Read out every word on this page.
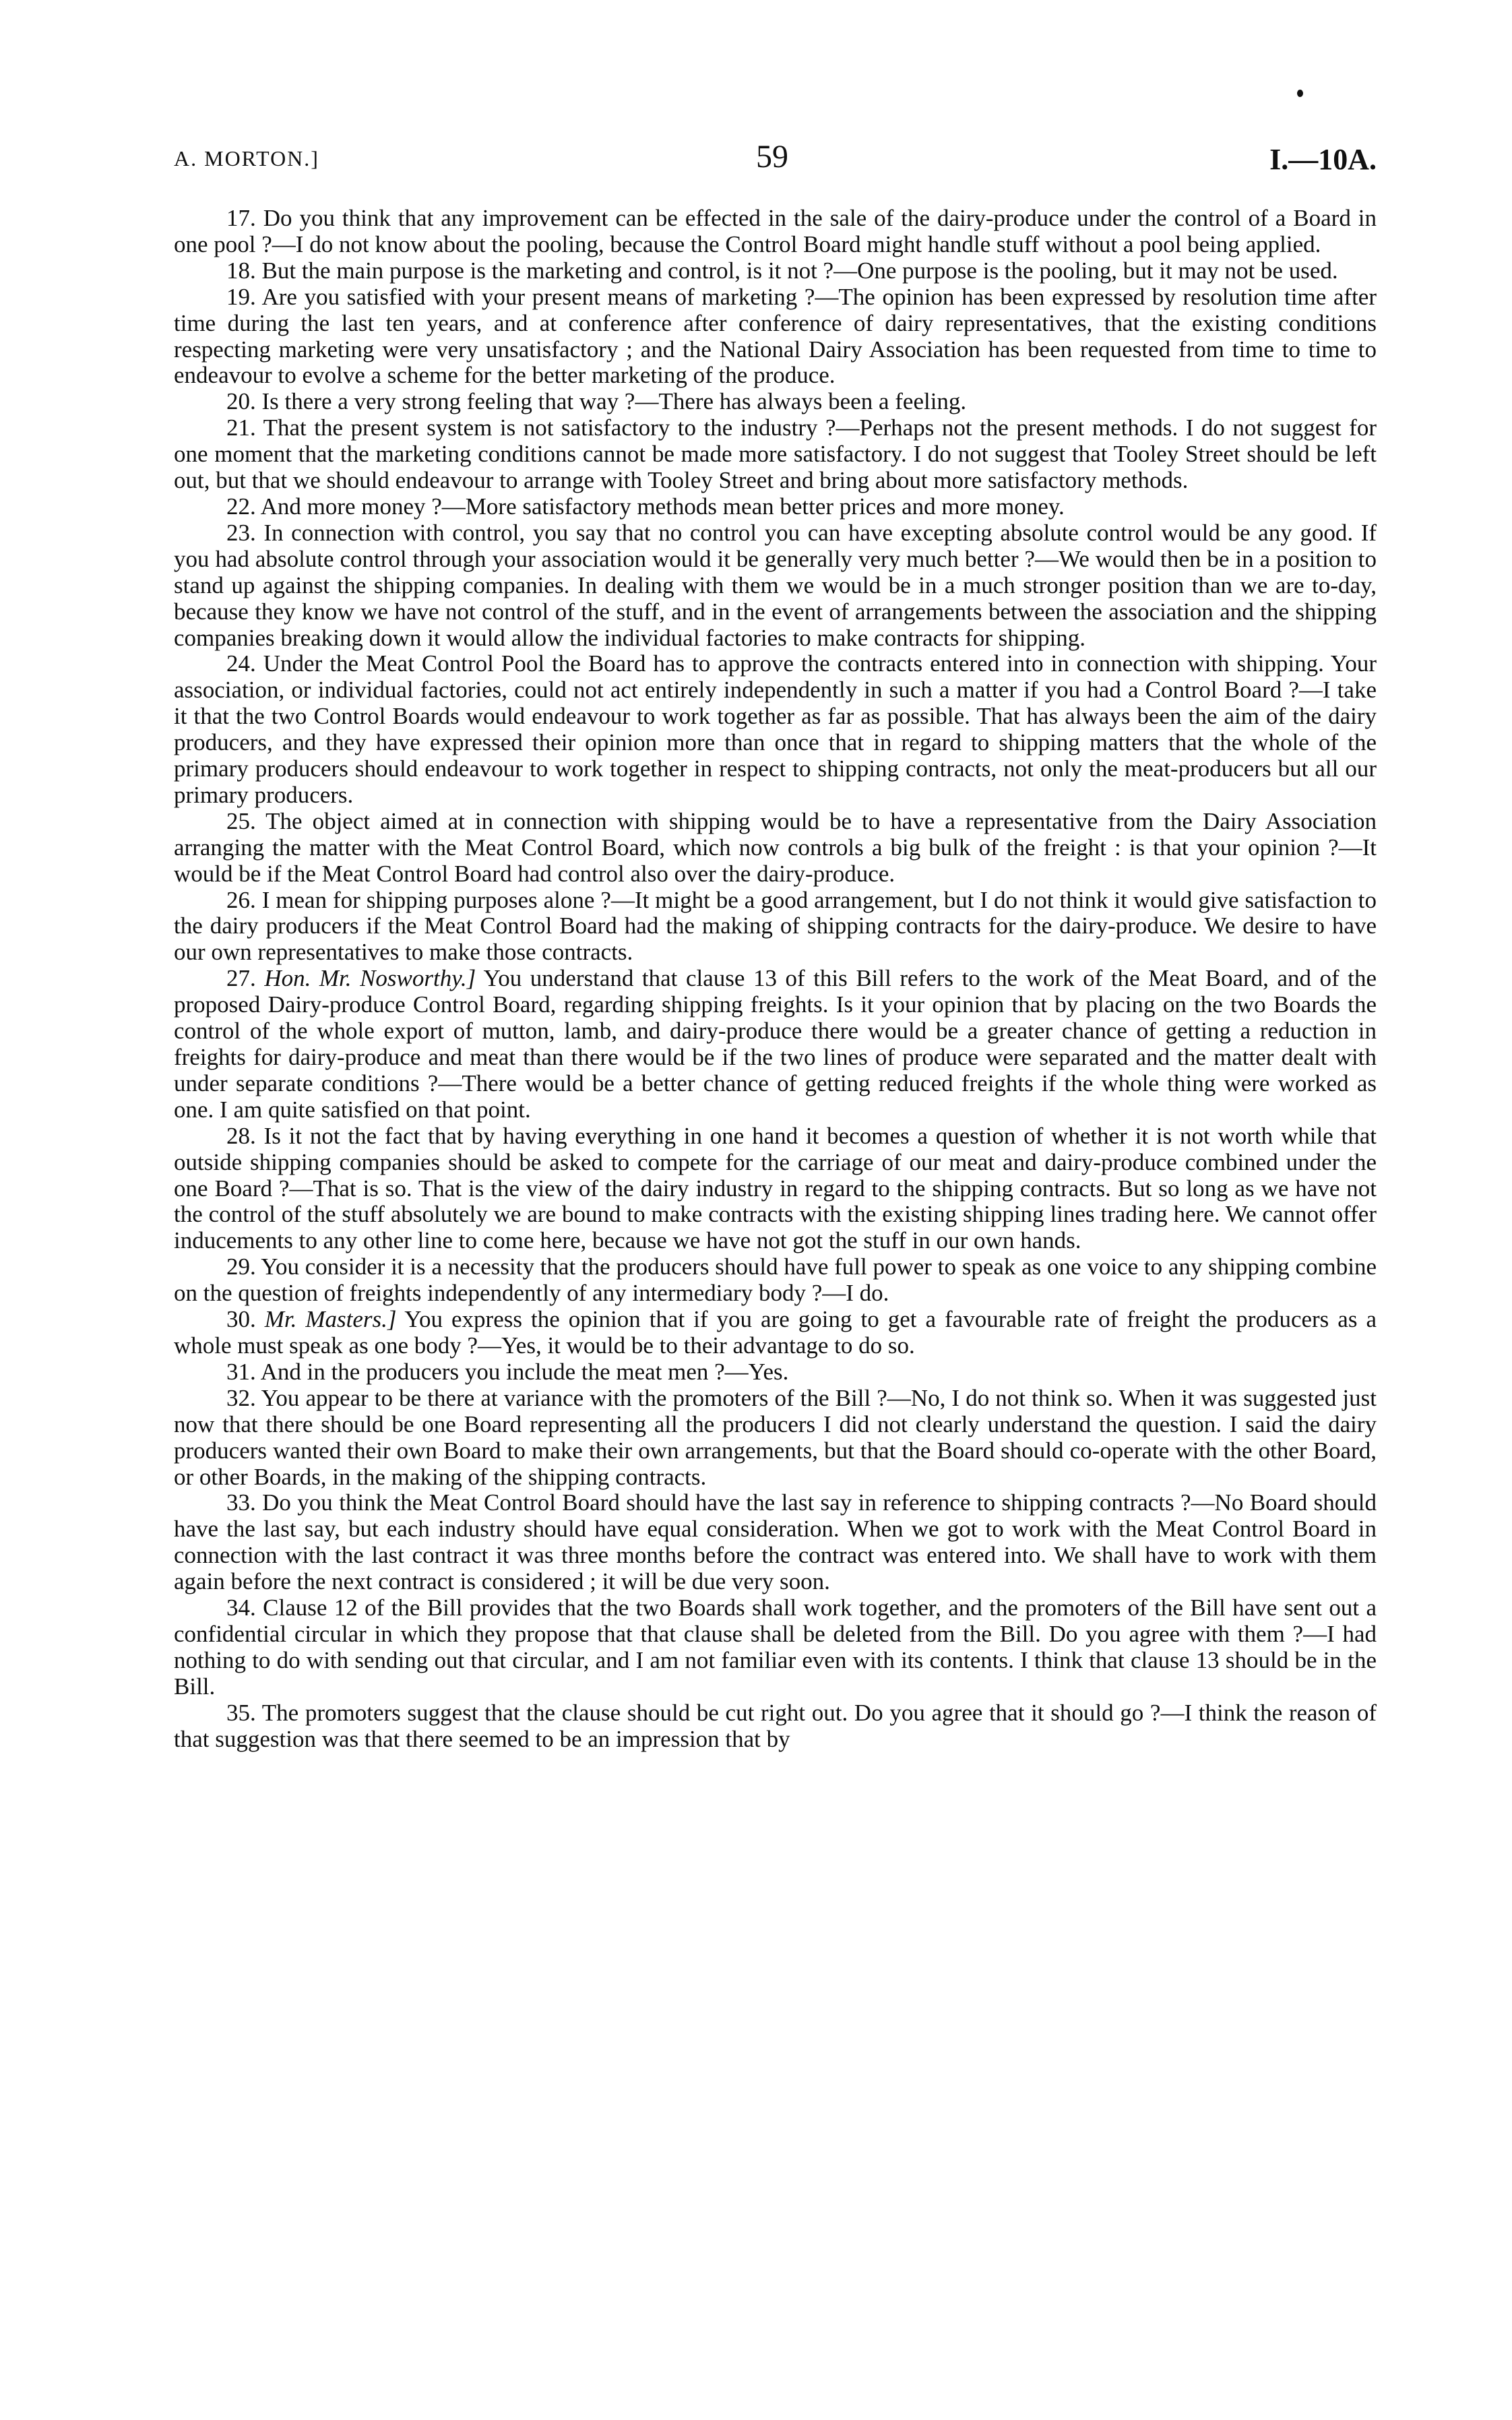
A. MORTON.]	59	I.—10A.

17. Do you think that any improvement can be effected in the sale of the dairy-produce under the control of a Board in one pool ?—I do not know about the pooling, because the Control Board might handle stuff without a pool being applied.

18. But the main purpose is the marketing and control, is it not ?—One purpose is the pooling, but it may not be used.

19. Are you satisfied with your present means of marketing ?—The opinion has been expressed by resolution time after time during the last ten years, and at conference after conference of dairy representatives, that the existing conditions respecting marketing were very unsatisfactory ; and the National Dairy Association has been requested from time to time to endeavour to evolve a scheme for the better marketing of the produce.

20. Is there a very strong feeling that way ?—There has always been a feeling.

21. That the present system is not satisfactory to the industry ?—Perhaps not the present methods. I do not suggest for one moment that the marketing conditions cannot be made more satisfactory. I do not suggest that Tooley Street should be left out, but that we should endeavour to arrange with Tooley Street and bring about more satisfactory methods.

22. And more money ?—More satisfactory methods mean better prices and more money.

23. In connection with control, you say that no control you can have excepting absolute control would be any good. If you had absolute control through your association would it be generally very much better ?—We would then be in a position to stand up against the shipping companies. In dealing with them we would be in a much stronger position than we are to-day, because they know we have not control of the stuff, and in the event of arrangements between the association and the shipping companies breaking down it would allow the individual factories to make contracts for shipping.

24. Under the Meat Control Pool the Board has to approve the contracts entered into in connection with shipping. Your association, or individual factories, could not act entirely independently in such a matter if you had a Control Board ?—I take it that the two Control Boards would endeavour to work together as far as possible. That has always been the aim of the dairy producers, and they have expressed their opinion more than once that in regard to shipping matters that the whole of the primary producers should endeavour to work together in respect to shipping contracts, not only the meat-producers but all our primary producers.

25. The object aimed at in connection with shipping would be to have a representative from the Dairy Association arranging the matter with the Meat Control Board, which now controls a big bulk of the freight : is that your opinion ?—It would be if the Meat Control Board had control also over the dairy-produce.

26. I mean for shipping purposes alone ?—It might be a good arrangement, but I do not think it would give satisfaction to the dairy producers if the Meat Control Board had the making of shipping contracts for the dairy-produce. We desire to have our own representatives to make those contracts.

27. Hon. Mr. Nosworthy.] You understand that clause 13 of this Bill refers to the work of the Meat Board, and of the proposed Dairy-produce Control Board, regarding shipping freights. Is it your opinion that by placing on the two Boards the control of the whole export of mutton, lamb, and dairy-produce there would be a greater chance of getting a reduction in freights for dairy-produce and meat than there would be if the two lines of produce were separated and the matter dealt with under separate conditions ?—There would be a better chance of getting reduced freights if the whole thing were worked as one. I am quite satisfied on that point.

28. Is it not the fact that by having everything in one hand it becomes a question of whether it is not worth while that outside shipping companies should be asked to compete for the carriage of our meat and dairy-produce combined under the one Board ?—That is so. That is the view of the dairy industry in regard to the shipping contracts. But so long as we have not the control of the stuff absolutely we are bound to make contracts with the existing shipping lines trading here. We cannot offer inducements to any other line to come here, because we have not got the stuff in our own hands.

29. You consider it is a necessity that the producers should have full power to speak as one voice to any shipping combine on the question of freights independently of any intermediary body ?—I do.

30. Mr. Masters.] You express the opinion that if you are going to get a favourable rate of freight the producers as a whole must speak as one body ?—Yes, it would be to their advantage to do so.

31. And in the producers you include the meat men ?—Yes.

32. You appear to be there at variance with the promoters of the Bill ?—No, I do not think so. When it was suggested just now that there should be one Board representing all the producers I did not clearly understand the question. I said the dairy producers wanted their own Board to make their own arrangements, but that the Board should co-operate with the other Board, or other Boards, in the making of the shipping contracts.

33. Do you think the Meat Control Board should have the last say in reference to shipping contracts ?—No Board should have the last say, but each industry should have equal consideration. When we got to work with the Meat Control Board in connection with the last contract it was three months before the contract was entered into. We shall have to work with them again before the next contract is considered ; it will be due very soon.

34. Clause 12 of the Bill provides that the two Boards shall work together, and the promoters of the Bill have sent out a confidential circular in which they propose that that clause shall be deleted from the Bill. Do you agree with them ?—I had nothing to do with sending out that circular, and I am not familiar even with its contents. I think that clause 13 should be in the Bill.

35. The promoters suggest that the clause should be cut right out. Do you agree that it should go ?—I think the reason of that suggestion was that there seemed to be an impression that by
